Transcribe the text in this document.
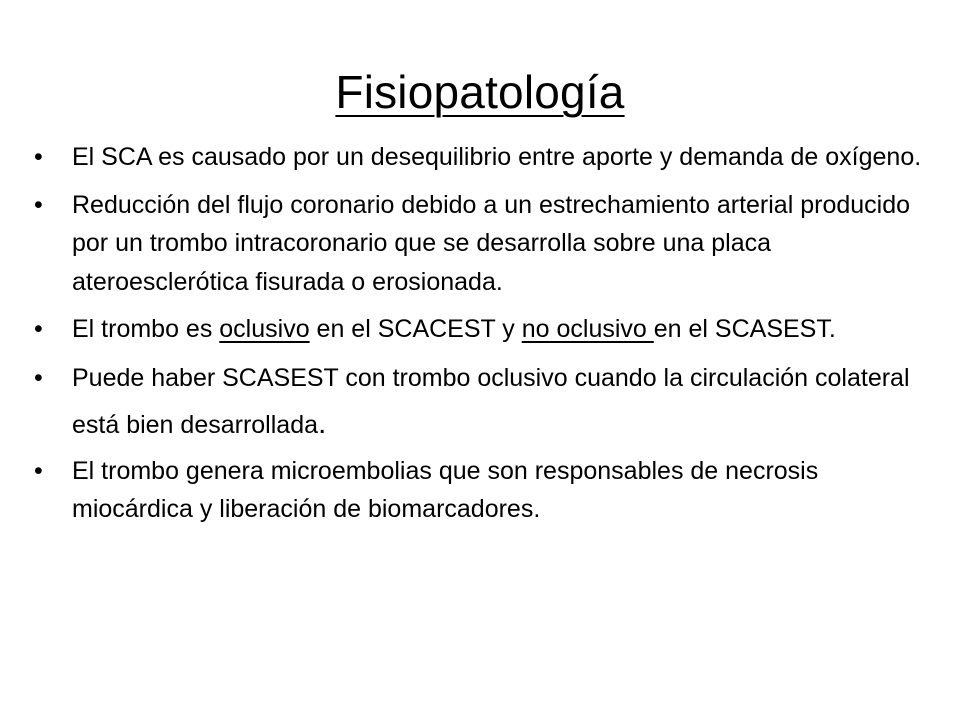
Fisiopatología
• El SCA es causado por un desequilibrio entre aporte y demanda de oxígeno.
• Reducción del flujo coronario debido a un estrechamiento arterial producido por un trombo intracoronario que se desarrolla sobre una placa ateroesclerótica fisurada o erosionada.
• El trombo es oclusivo en el SCACEST y no oclusivo en el SCASEST.
• Puede haber SCASEST con trombo oclusivo cuando la circulación colateral está bien desarrollada.
• El trombo genera microembolias que son responsables de necrosis miocárdica y liberación de biomarcadores.
